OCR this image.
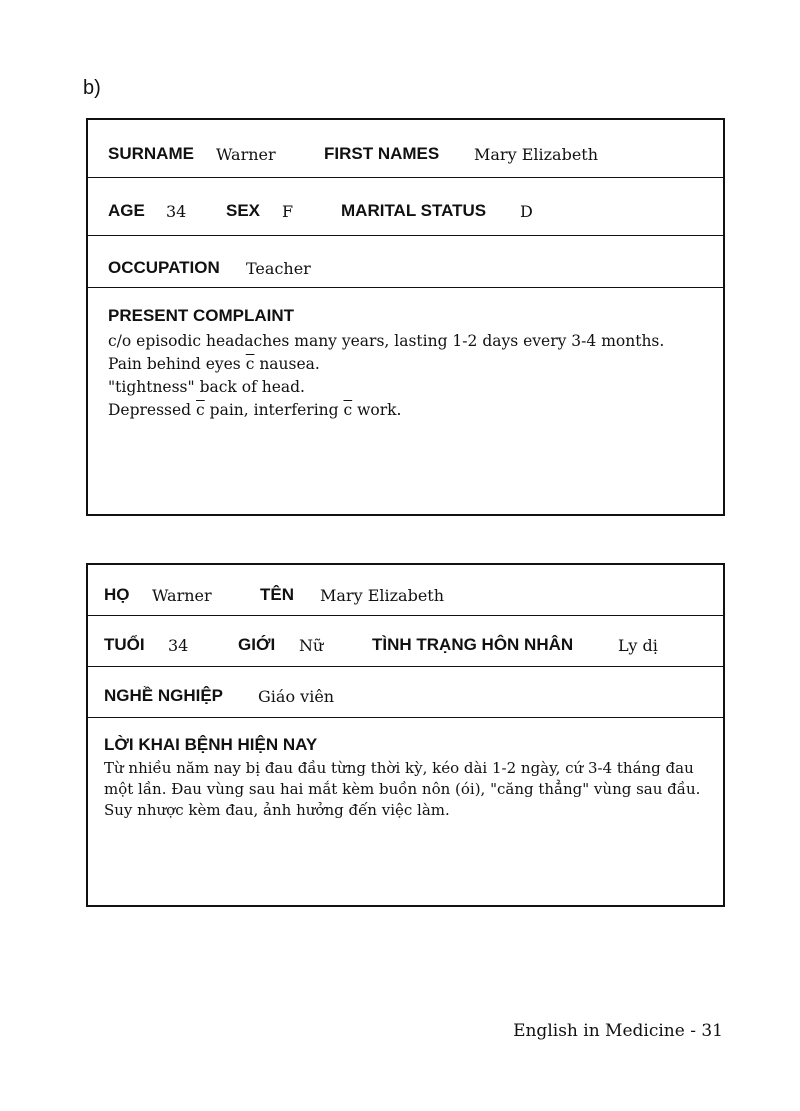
b)
SURNAME Warner	FIRST NAMES Mary Elizabeth
AGE 34 SEX F	MARITAL STATUS D
OCCUPATION Teacher
PRESENT COMPLAINT
c/o episodic headaches many years, lasting 1-2 days every 3-4 months.
Pain behind eyes $\overline{c}$ nausea.
"tightness" back of head.
Depressed $\overline{c}$ pain, interfering $\overline{c}$ work.
HỌ Warner	TÊN Mary Elizabeth
TUỔI 34	GIỚI Nữ	TÌNH TRẠNG HÔN NHÂN	Ly dị
NGHỀ NGHIỆP Giáo viên
LỜI KHAI BỆNH HIỆN NAY
Từ nhiều năm nay bị đau đầu từng thời kỳ, kéo dài 1-2 ngày, cứ 3-4 tháng đau
một lần. Đau vùng sau hai mắt kèm buồn nôn (ói), "căng thẳng" vùng sau đầu.
Suy nhược kèm đau, ảnh hưởng đến việc làm.
English in Medicine - 31
